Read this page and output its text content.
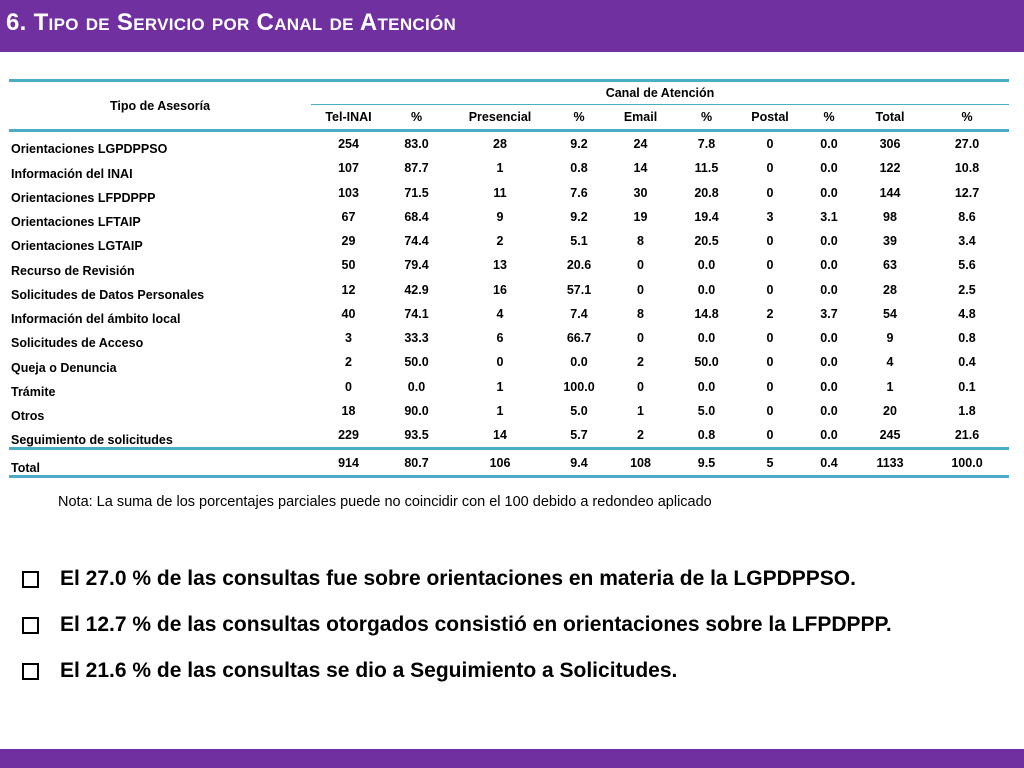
6. Tipo de Servicio por Canal de Atención
Tipo de Asesoría	Canal de Atención									
	Tel-INAI	%	Presencial	%	Email	%	Postal	%	Total	%
Orientaciones LGPDPPSO	254	83.0	28	9.2	24	7.8	0	0.0	306	27.0
Información del INAI	107	87.7	1	0.8	14	11.5	0	0.0	122	10.8
Orientaciones LFPDPPP	103	71.5	11	7.6	30	20.8	0	0.0	144	12.7
Orientaciones LFTAIP	67	68.4	9	9.2	19	19.4	3	3.1	98	8.6
Orientaciones LGTAIP	29	74.4	2	5.1	8	20.5	0	0.0	39	3.4
Recurso de Revisión	50	79.4	13	20.6	0	0.0	0	0.0	63	5.6
Solicitudes de Datos Personales	12	42.9	16	57.1	0	0.0	0	0.0	28	2.5
Información del ámbito local	40	74.1	4	7.4	8	14.8	2	3.7	54	4.8
Solicitudes de Acceso	3	33.3	6	66.7	0	0.0	0	0.0	9	0.8
Queja o Denuncia	2	50.0	0	0.0	2	50.0	0	0.0	4	0.4
Trámite	0	0.0	1	100.0	0	0.0	0	0.0	1	0.1
Otros	18	90.0	1	5.0	1	5.0	0	0.0	20	1.8
Seguimiento de solicitudes	229	93.5	14	5.7	2	0.8	0	0.0	245	21.6
Total	914	80.7	106	9.4	108	9.5	5	0.4	1133	100.0
Nota: La suma de los porcentajes parciales puede no coincidir con el 100 debido a redondeo aplicado
El 27.0 % de las consultas fue sobre orientaciones en materia de la LGPDPPSO.
El 12.7 % de las consultas otorgados consistió en orientaciones sobre la LFPDPPP.
El 21.6 % de las consultas se dio a Seguimiento a Solicitudes.
